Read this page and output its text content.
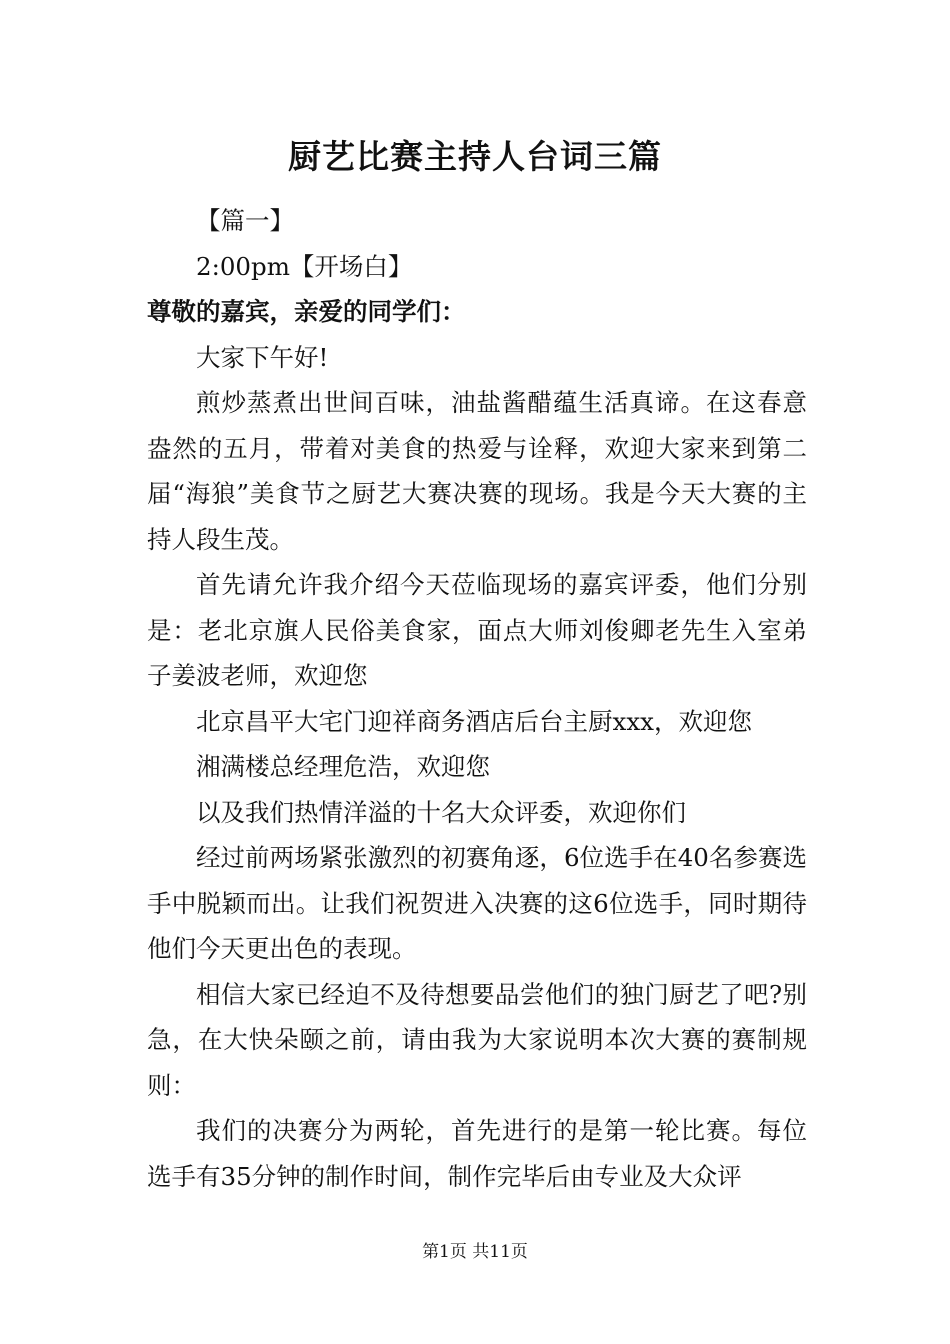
厨艺比赛主持人台词三篇

【篇一】

2:00pm【开场白】

尊敬的嘉宾，亲爱的同学们：

大家下午好!

煎炒蒸煮出世间百味，油盐酱醋蕴生活真谛。在这春意盎然的五月，带着对美食的热爱与诠释，欢迎大家来到第二届“海狼”美食节之厨艺大赛决赛的现场。我是今天大赛的主持人段生茂。

首先请允许我介绍今天莅临现场的嘉宾评委，他们分别是：老北京旗人民俗美食家，面点大师刘俊卿老先生入室弟子姜波老师，欢迎您

北京昌平大宅门迎祥商务酒店后台主厨xxx，欢迎您

湘满楼总经理危浩，欢迎您

以及我们热情洋溢的十名大众评委，欢迎你们

经过前两场紧张激烈的初赛角逐，6位选手在40名参赛选手中脱颖而出。让我们祝贺进入决赛的这6位选手，同时期待他们今天更出色的表现。

相信大家已经迫不及待想要品尝他们的独门厨艺了吧?别急，在大快朵颐之前，请由我为大家说明本次大赛的赛制规则：

我们的决赛分为两轮，首先进行的是第一轮比赛。每位选手有35分钟的制作时间，制作完毕后由专业及大众评

第1页 共11页
